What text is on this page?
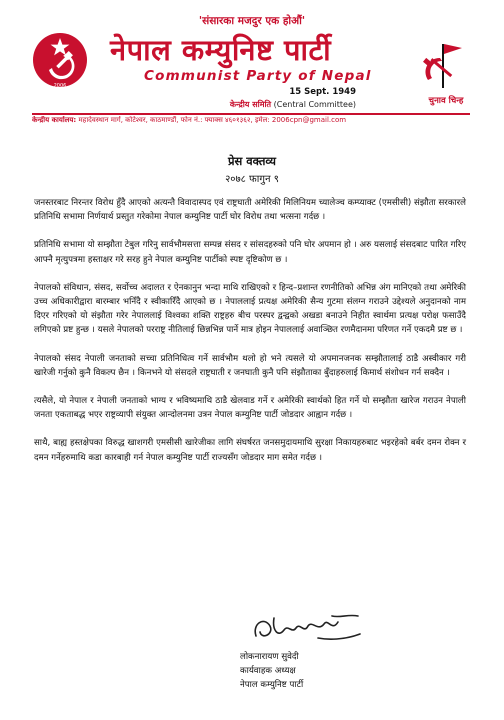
'संसारका मजदुर एक होऔं'
2006
नेपाल कम्युनिष्ट पार्टी
Communist Party of Nepal
15 Sept. 1949
केन्द्रीय समिति (Central Committee)	चुनाव चिन्ह
केन्द्रीय कार्यालय: महादेवस्थान मार्ग, कोटेश्वर, काठमाण्डौं, फोन नं.: फ्याक्स ४६०१३६२, इमेल: 2006cpn@gmail.com
प्रेस वक्तव्य
२०७८ फागुन ९

जनस्तरबाट निरन्तर विरोध हुँदै आएको अत्यन्तै विवादास्पद एवं राष्ट्रघाती अमेरिकी मिलिनियम च्यालेञ्च कम्प्याक्ट (एमसीसी) संझौता सरकारले प्रतिनिधि सभामा निर्णयार्थ प्रस्तुत गरेकोमा नेपाल कम्युनिष्ट पार्टी घोर विरोध तथा भत्सना गर्दछ ।

प्रतिनिधि सभामा यो सम्झौता टेबुल गरिनु सार्वभौमसत्ता सम्पन्न संसद र सांसदहरुको पनि घोर अपमान हो । अरु यसलाई संसदबाट पारित गरिए आफ्नै मृत्युपत्रमा हस्ताक्षर गरे सरह हुने नेपाल कम्युनिष्ट पार्टीको स्पष्ट दृष्टिकोण छ ।

नेपालको संविधान, संसद, सर्वोच्च अदालत र ऐनकानुन भन्दा माथि राखिएको र हिन्द–प्रशान्त रणनीतिको अभिन्न अंग मानिएको तथा अमेरिकी उच्च अधिकारीद्वारा बारम्बार भनिँदै र स्वीकारिँदै आएको छ । नेपाललाई प्रत्यक्ष अमेरिकी सैन्य गुटमा संलग्न गराउने उद्देश्यले अनुदानको नाम दिएर गरिएको यो संझौता गरेर नेपाललाई विश्वका शक्ति राष्ट्रहरु बीच परस्पर द्वन्द्वको अखडा बनाउने निहीत स्वार्थमा प्रत्यक्ष परोक्ष फसाउँदै लगिएको प्रष्ट हुन्छ । यसले नेपालको परराष्ट्र नीतिलाई छिन्नभिन्न पार्ने मात्र होइन नेपाललाई अवाञ्छित रणमैदानमा परिणत गर्ने एकदमै प्रष्ट छ ।

नेपालको संसद नेपाली जनताको सच्चा प्रतिनिधित्व गर्ने सार्वभौम थलो हो भने त्यसले यो अपमानजनक सम्झौतालाई ठाडै अस्वीकार गरी खारेजी गर्नुको कुनै विकल्प छैन । किनभने यो संसदले राष्ट्रघाती र जनघाती कुनै पनि संझौताका बुँदाहरुलाई किमार्थ संशोधन गर्न सक्दैन ।

त्यसैले, यो नेपाल र नेपाली जनताको भाग्य र भविष्यमाथि ठाडै खेलवाड गर्ने र अमेरिकी स्वार्थको हित गर्ने यो सम्झौता खारेज गराउन नेपाली जनता एकताबद्ध भएर राष्ट्रव्यापी संयुक्त आन्दोलनमा उत्रन नेपाल कम्युनिष्ट पार्टी जोडदार आह्वान गर्दछ ।

साथै, बाह्य हस्तक्षेपका विरुद्ध खाशगरी एमसीसी खारेजीका लागि संघर्षरत जनसमुदायमाथि सुरक्षा निकायहरुबाट भइरहेको बर्बर दमन रोक्न र दमन गर्नेहरुमाथि कडा कारबाही गर्न नेपाल कम्युनिष्ट पार्टी राज्यसँग जोडदार माग समेत गर्दछ ।

लोकनारायण सुवेदी
कार्यवाहक अध्यक्ष
नेपाल कम्युनिष्ट पार्टी
